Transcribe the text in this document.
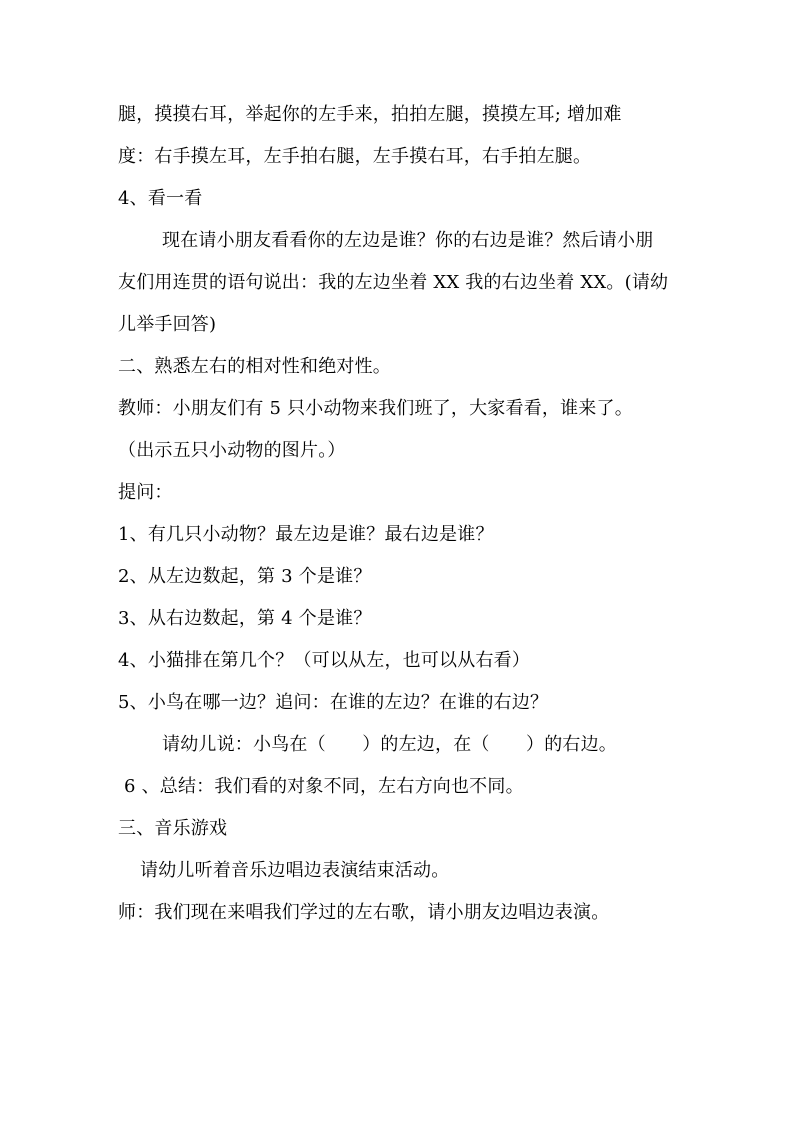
腿，摸摸右耳，举起你的左手来，拍拍左腿，摸摸左耳; 增加难
度：右手摸左耳，左手拍右腿，左手摸右耳，右手拍左腿。
4、看一看
现在请小朋友看看你的左边是谁？你的右边是谁？然后请小朋
友们用连贯的语句说出：我的左边坐着 XX 我的右边坐着 XX。(请幼
儿举手回答)
二、熟悉左右的相对性和绝对性。
教师：小朋友们有 5 只小动物来我们班了，大家看看，谁来了。
（出示五只小动物的图片。）
提问：
1、有几只小动物？最左边是谁？最右边是谁？
2、从左边数起，第 3 个是谁？
3、从右边数起，第 4 个是谁？
4、小猫排在第几个？（可以从左，也可以从右看）
5、小鸟在哪一边？追问：在谁的左边？在谁的右边？
请幼儿说：小鸟在（　　）的左边，在（　　）的右边。
6 、总结：我们看的对象不同，左右方向也不同。
三、音乐游戏
请幼儿听着音乐边唱边表演结束活动。
师：我们现在来唱我们学过的左右歌，请小朋友边唱边表演。
